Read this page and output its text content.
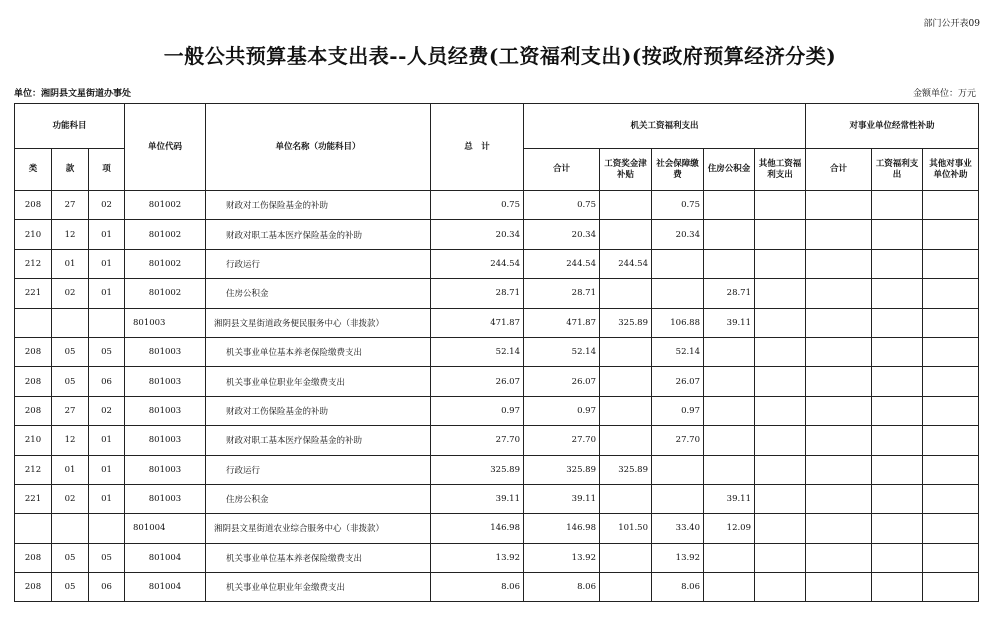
部门公开表09
一般公共预算基本支出表--人员经费(工资福利支出)(按政府预算经济分类)
单位：湘阴县文星街道办事处	金额单位：万元
功能科目			单位代码	单位名称（功能科目）	总　计	机关工资福利支出					对事业单位经常性补助		
类	款	项				合计	工资奖金津补贴	社会保障缴费	住房公积金	其他工资福利支出	合计	工资福利支出	其他对事业单位补助
208	27	02	801002	财政对工伤保险基金的补助	0.75	0.75		0.75					
210	12	01	801002	财政对职工基本医疗保险基金的补助	20.34	20.34		20.34					
212	01	01	801002	行政运行	244.54	244.54	244.54						
221	02	01	801002	住房公积金	28.71	28.71			28.71				
			801003	湘阴县文星街道政务便民服务中心（非拨款）	471.87	471.87	325.89	106.88	39.11				
208	05	05	801003	机关事业单位基本养老保险缴费支出	52.14	52.14		52.14					
208	05	06	801003	机关事业单位职业年金缴费支出	26.07	26.07		26.07					
208	27	02	801003	财政对工伤保险基金的补助	0.97	0.97		0.97					
210	12	01	801003	财政对职工基本医疗保险基金的补助	27.70	27.70		27.70					
212	01	01	801003	行政运行	325.89	325.89	325.89						
221	02	01	801003	住房公积金	39.11	39.11			39.11				
			801004	湘阴县文星街道农业综合服务中心（非拨款）	146.98	146.98	101.50	33.40	12.09				
208	05	05	801004	机关事业单位基本养老保险缴费支出	13.92	13.92		13.92					
208	05	06	801004	机关事业单位职业年金缴费支出	8.06	8.06		8.06					
